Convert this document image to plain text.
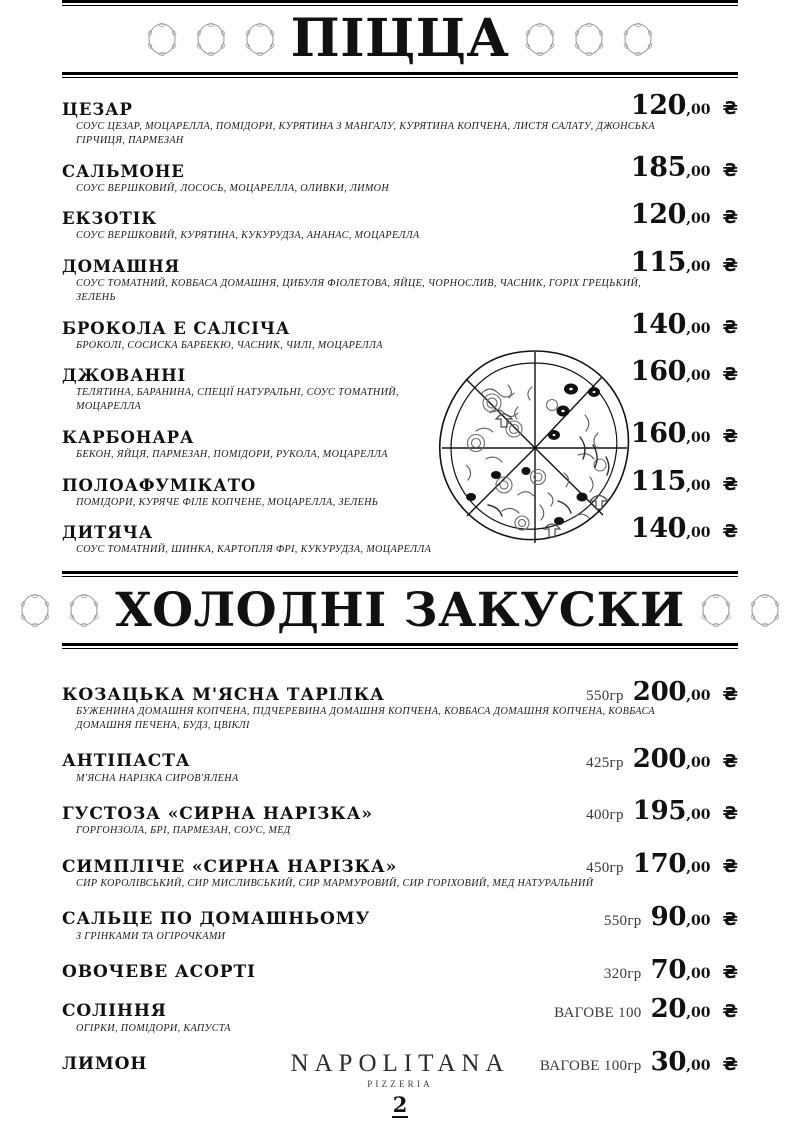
ПІЦЦА
ЦЕЗАР	120,00 ₴
СОУС ЦЕЗАР, МОЦАРЕЛЛА, ПОМІДОРИ, КУРЯТИНА З МАНГАЛУ, КУРЯТИНА КОПЧЕНА, ЛИСТЯ САЛАТУ, ДЖОНСЬКА ГІРЧИЦЯ, ПАРМЕЗАН
САЛЬМОНЕ	185,00 ₴
СОУС ВЕРШКОВИЙ, ЛОСОСЬ, МОЦАРЕЛЛА, ОЛИВКИ, ЛИМОН
ЕКЗОТІК	120,00 ₴
СОУС ВЕРШКОВИЙ, КУРЯТИНА, КУКУРУДЗА, АНАНАС, МОЦАРЕЛЛА
ДОМАШНЯ	115,00 ₴
СОУС ТОМАТНИЙ, КОВБАСА ДОМАШНЯ, ЦИБУЛЯ ФІОЛЕТОВА, ЯЙЦЕ, ЧОРНОСЛИВ, ЧАСНИК, ГОРІХ ГРЕЦЬКИЙ, ЗЕЛЕНЬ
БРОКОЛА Е САЛСІЧА	140,00 ₴
БРОКОЛІ, СОСИСКА БАРБЕКЮ, ЧАСНИК, ЧИЛІ, МОЦАРЕЛЛА
ДЖОВАННІ	160,00 ₴
ТЕЛЯТИНА, БАРАНИНА, СПЕЦІЇ НАТУРАЛЬНІ, СОУС ТОМАТНИЙ, МОЦАРЕЛЛА
КАРБОНАРА	160,00 ₴
БЕКОН, ЯЙЦЯ, ПАРМЕЗАН, ПОМІДОРИ, РУКОЛА, МОЦАРЕЛЛА
ПОЛОАФУМІКАТО	115,00 ₴
ПОМІДОРИ, КУРЯЧЕ ФІЛЕ КОПЧЕНЕ, МОЦАРЕЛЛА, ЗЕЛЕНЬ
ДИТЯЧА	140,00 ₴
СОУС ТОМАТНИЙ, ШИНКА, КАРТОПЛЯ ФРІ, КУКУРУДЗА, МОЦАРЕЛЛА
ХОЛОДНІ ЗАКУСКИ
КОЗАЦЬКА М'ЯСНА ТАРІЛКА	550гр 200,00 ₴
БУЖЕНИНА ДОМАШНЯ КОПЧЕНА, ПІДЧЕРЕВИНА ДОМАШНЯ КОПЧЕНА, КОВБАСА ДОМАШНЯ КОПЧЕНА, КОВБАСА ДОМАШНЯ ПЕЧЕНА, БУДЗ, ЦВІКЛІ
АНТІПАСТА	425гр 200,00 ₴
М'ЯСНА НАРІЗКА СИРОВ'ЯЛЕНА
ГУСТОЗА «СИРНА НАРІЗКА»	400гр 195,00 ₴
ГОРГОНЗОЛА, БРІ, ПАРМЕЗАН, СОУС, МЕД
СИМПЛІЧЕ «СИРНА НАРІЗКА»	450гр 170,00 ₴
СИР КОРОЛІВСЬКИЙ, СИР МИСЛИВСЬКИЙ, СИР МАРМУРОВИЙ, СИР ГОРІХОВИЙ, МЕД НАТУРАЛЬНИЙ
САЛЬЦЕ ПО ДОМАШНЬОМУ	550гр 90,00 ₴
З ГРІНКАМИ ТА ОГІРОЧКАМИ
ОВОЧЕВЕ АСОРТІ	320гр 70,00 ₴
СОЛІННЯ	ВАГОВЕ 100 20,00 ₴
ОГІРКИ, ПОМІДОРИ, КАПУСТА
ЛИМОН	ВАГОВЕ 100гр 30,00 ₴
NAPOLITANA
PIZZERIA
2
